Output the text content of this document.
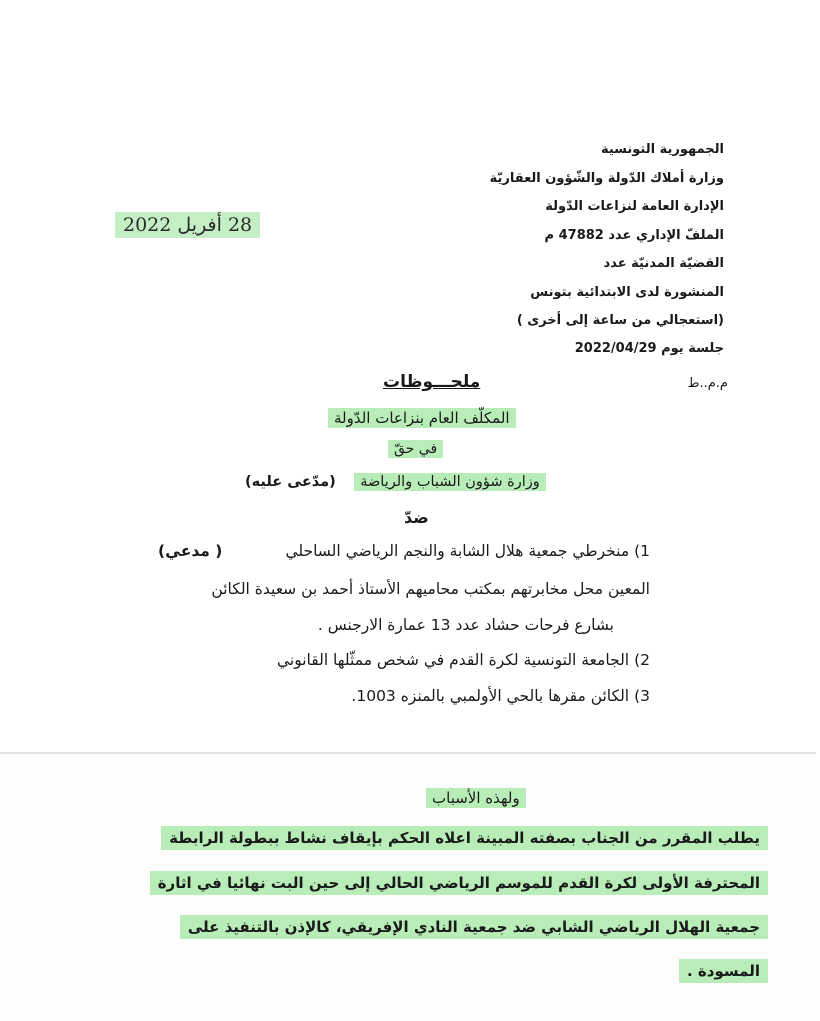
الجمهورية التونسية
وزارة أملاك الدّولة والشّؤون العقاريّة
الإدارة العامة لنزاعات الدّولة
الملفّ الإداري عدد 47882 م
القضيّة المدنيّة عدد
المنشورة لدى الابتدائية بتونس
(استعجالي من ساعة إلى أخرى )
جلسة يوم 2022/04/29
28 أفريل 2022
م.م..ط
ملحـــوظات
المكلّف العام بنزاعات الدّولة
في حقّ
وزارة شؤون الشباب والرياضة    (مدّعى عليه)
ضدّ
1) منخرطي جمعية هلال الشابة والنجم الرياضي الساحلي
( مدعي)
المعين محل مخابرتهم بمكتب محاميهم الأستاذ أحمد بن سعيدة الكائن
بشارع فرحات حشاد عدد 13 عمارة الارجنس .
2) الجامعة التونسية لكرة القدم في شخص ممثّلها القانوني
3) الكائن مقرها بالحي الأولمبي بالمنزه 1003.
ولهذه الأسباب
يطلب المقرر من الجناب بصفته المبينة اعلاه الحكم بإيقاف نشاط ببطولة الرابطة
المحترفة الأولى لكرة القدم للموسم الرياضي الحالي إلى حين البت نهائيا في اثارة
جمعية الهلال الرياضي الشابي ضد جمعية النادي الإفريقي، كالإذن بالتنفيذ على
المسودة .
